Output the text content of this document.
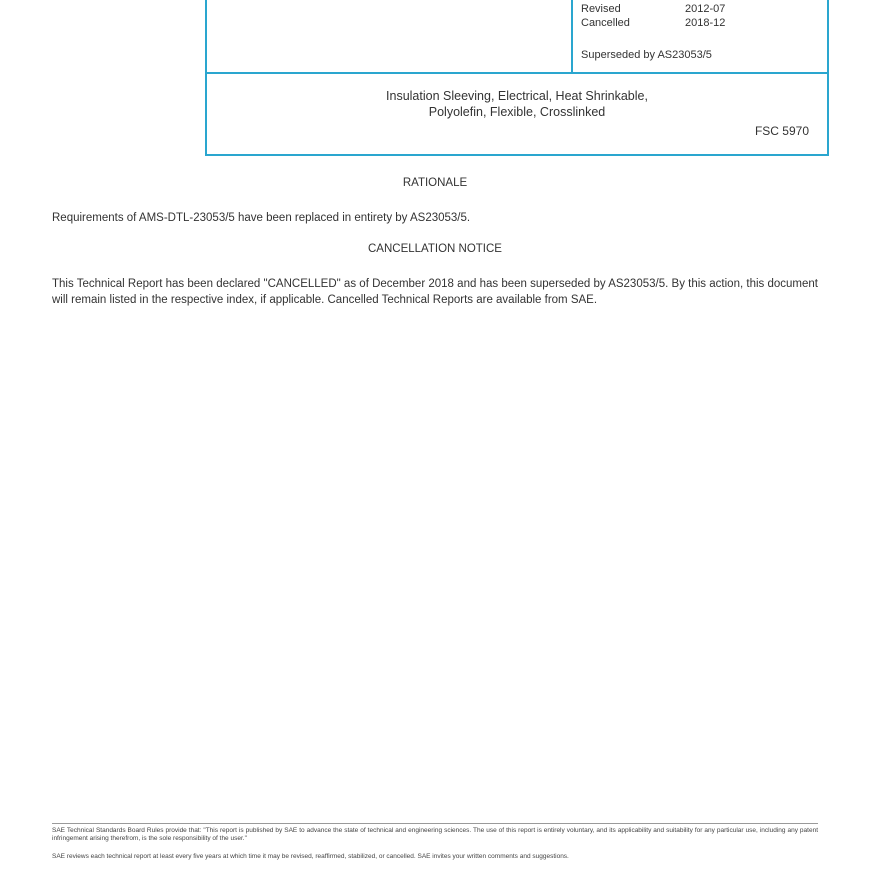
Revised	2012-07
Cancelled	2018-12
Superseded by AS23053/5
Insulation Sleeving, Electrical, Heat Shrinkable,
Polyolefin, Flexible, Crosslinked
FSC 5970
RATIONALE
Requirements of AMS-DTL-23053/5 have been replaced in entirety by AS23053/5.
CANCELLATION NOTICE
This Technical Report has been declared "CANCELLED" as of December 2018 and has been superseded by AS23053/5. By this action, this document will remain listed in the respective index, if applicable. Cancelled Technical Reports are available from SAE.
SAE Technical Standards Board Rules provide that: "This report is published by SAE to advance the state of technical and engineering sciences. The use of this report is entirely voluntary, and its applicability and suitability for any particular use, including any patent infringement arising therefrom, is the sole responsibility of the user."
SAE reviews each technical report at least every five years at which time it may be revised, reaffirmed, stabilized, or cancelled. SAE invites your written comments and suggestions.
